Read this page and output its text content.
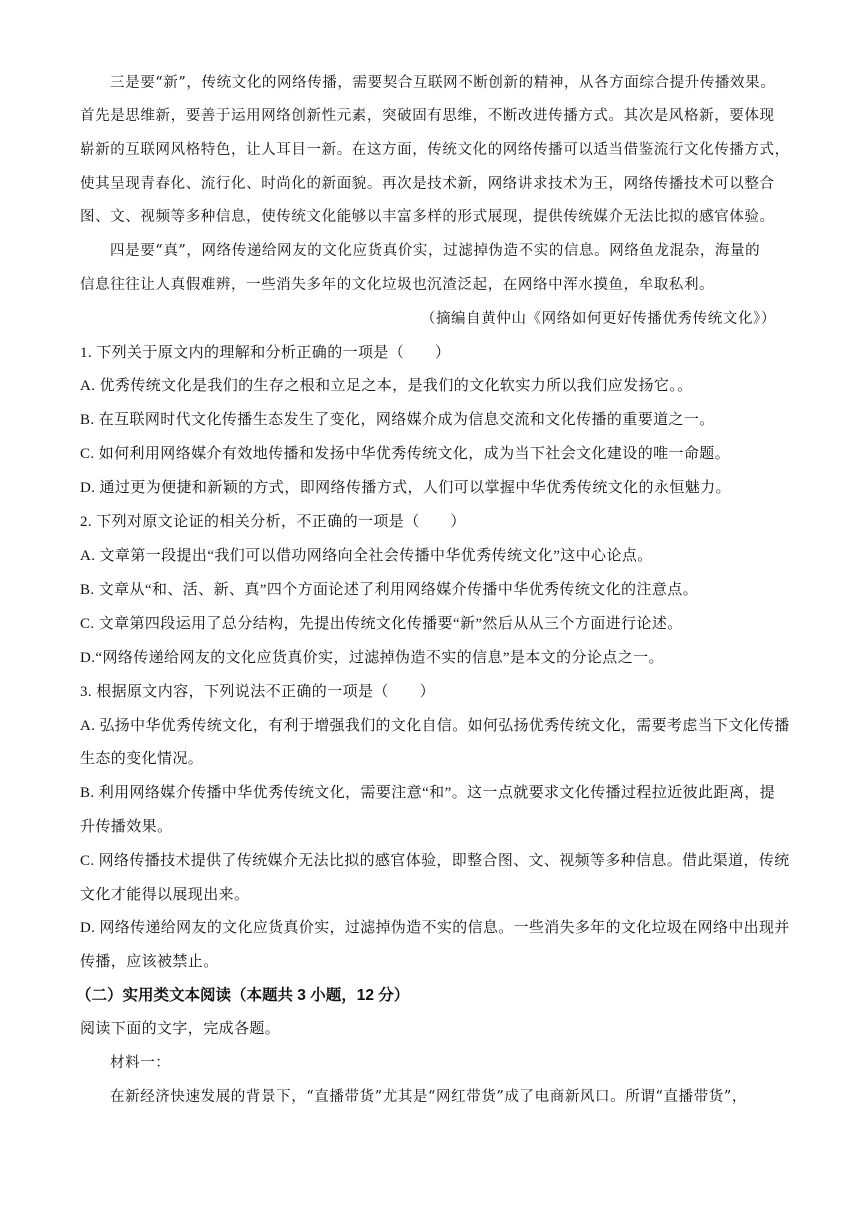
三是要“新”，传统文化的网络传播，需要契合互联网不断创新的精神，从各方面综合提升传播效果。
首先是思维新，要善于运用网络创新性元素，突破固有思维，不断改进传播方式。其次是风格新，要体现
崭新的互联网风格特色，让人耳目一新。在这方面，传统文化的网络传播可以适当借鉴流行文化传播方式，
使其呈现青春化、流行化、时尚化的新面貌。再次是技术新，网络讲求技术为王，网络传播技术可以整合
图、文、视频等多种信息，使传统文化能够以丰富多样的形式展现，提供传统媒介无法比拟的感官体验。
四是要“真”，网络传递给网友的文化应货真价实，过滤掉伪造不实的信息。网络鱼龙混杂，海量的
信息往往让人真假难辨，一些消失多年的文化垃圾也沉渣泛起，在网络中浑水摸鱼，牟取私利。
（摘编自黄仲山《网络如何更好传播优秀传统文化》）
1. 下列关于原文内的理解和分析正确的一项是（　　）
A. 优秀传统文化是我们的生存之根和立足之本，是我们的文化软实力所以我们应发扬它。。
B. 在互联网时代文化传播生态发生了变化，网络媒介成为信息交流和文化传播的重要道之一。
C. 如何利用网络媒介有效地传播和发扬中华优秀传统文化，成为当下社会文化建设的唯一命题。
D. 通过更为便捷和新颖的方式，即网络传播方式，人们可以掌握中华优秀传统文化的永恒魅力。
2. 下列对原文论证的相关分析，不正确的一项是（　　）
A. 文章第一段提出“我们可以借功网络向全社会传播中华优秀传统文化”这中心论点。
B. 文章从“和、活、新、真”四个方面论述了利用网络媒介传播中华优秀传统文化的注意点。
C. 文章第四段运用了总分结构，先提出传统文化传播要“新”然后从从三个方面进行论述。
D.“网络传递给网友的文化应货真价实，过滤掉伪造不实的信息”是本文的分论点之一。
3. 根据原文内容，下列说法不正确的一项是（　　）
A. 弘扬中华优秀传统文化，有利于增强我们的文化自信。如何弘扬优秀传统文化，需要考虑当下文化传播
生态的变化情况。
B. 利用网络媒介传播中华优秀传统文化，需要注意“和”。这一点就要求文化传播过程拉近彼此距离，提
升传播效果。
C. 网络传播技术提供了传统媒介无法比拟的感官体验，即整合图、文、视频等多种信息。借此渠道，传统
文化才能得以展现出来。
D. 网络传递给网友的文化应货真价实，过滤掉伪造不实的信息。一些消失多年的文化垃圾在网络中出现并
传播，应该被禁止。
（二）实用类文本阅读（本题共 3 小题，12 分）
阅读下面的文字，完成各题。
材料一：
在新经济快速发展的背景下，“直播带货”尤其是“网红带货”成了电商新风口。所谓“直播带货”，
